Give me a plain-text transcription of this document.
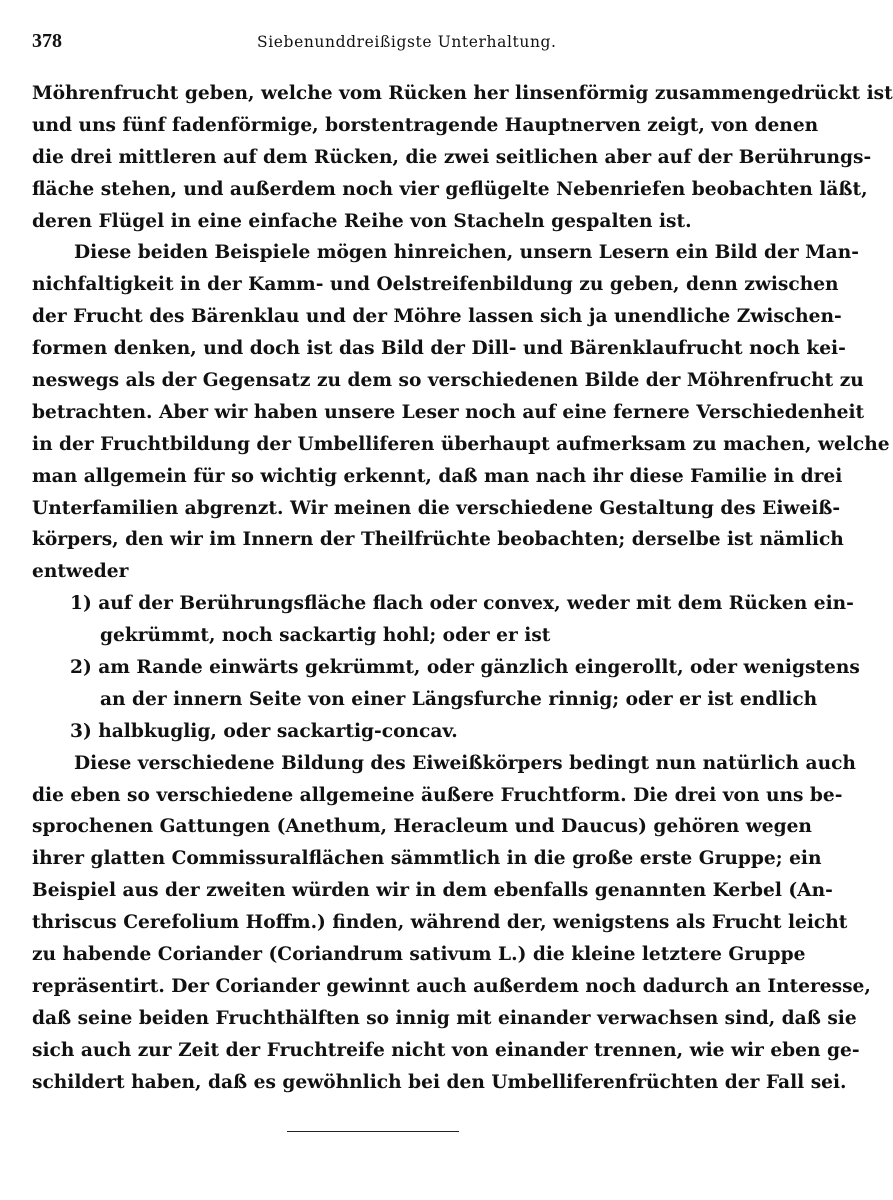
378	Siebenunddreißigste Unterhaltung.
Möhrenfrucht geben, welche vom Rücken her linsenförmig zusammengedrückt ist
und uns fünf fadenförmige, borstentragende Hauptnerven zeigt, von denen
die drei mittleren auf dem Rücken, die zwei seitlichen aber auf der Berührungs-
fläche stehen, und außerdem noch vier geflügelte Nebenriefen beobachten läßt,
deren Flügel in eine einfache Reihe von Stacheln gespalten ist.
Diese beiden Beispiele mögen hinreichen, unsern Lesern ein Bild der Man-
nichfaltigkeit in der Kamm- und Oelstreifenbildung zu geben, denn zwischen
der Frucht des Bärenklau und der Möhre lassen sich ja unendliche Zwischen-
formen denken, und doch ist das Bild der Dill- und Bärenklaufrucht noch kei-
neswegs als der Gegensatz zu dem so verschiedenen Bilde der Möhrenfrucht zu
betrachten. Aber wir haben unsere Leser noch auf eine fernere Verschiedenheit
in der Fruchtbildung der Umbelliferen überhaupt aufmerksam zu machen, welche
man allgemein für so wichtig erkennt, daß man nach ihr diese Familie in drei
Unterfamilien abgrenzt. Wir meinen die verschiedene Gestaltung des Eiweiß-
körpers, den wir im Innern der Theilfrüchte beobachten; derselbe ist nämlich
entweder
1) auf der Berührungsfläche flach oder convex, weder mit dem Rücken ein-
gekrümmt, noch sackartig hohl; oder er ist
2) am Rande einwärts gekrümmt, oder gänzlich eingerollt, oder wenigstens
an der innern Seite von einer Längsfurche rinnig; oder er ist endlich
3) halbkuglig, oder sackartig-concav.
Diese verschiedene Bildung des Eiweißkörpers bedingt nun natürlich auch
die eben so verschiedene allgemeine äußere Fruchtform. Die drei von uns be-
sprochenen Gattungen (Anethum, Heracleum und Daucus) gehören wegen
ihrer glatten Commissuralflächen sämmtlich in die große erste Gruppe; ein
Beispiel aus der zweiten würden wir in dem ebenfalls genannten Kerbel (An-
thriscus Cerefolium Hoffm.) finden, während der, wenigstens als Frucht leicht
zu habende Coriander (Coriandrum sativum L.) die kleine letztere Gruppe
repräsentirt. Der Coriander gewinnt auch außerdem noch dadurch an Interesse,
daß seine beiden Fruchthälften so innig mit einander verwachsen sind, daß sie
sich auch zur Zeit der Fruchtreife nicht von einander trennen, wie wir eben ge-
schildert haben, daß es gewöhnlich bei den Umbelliferenfrüchten der Fall sei.
